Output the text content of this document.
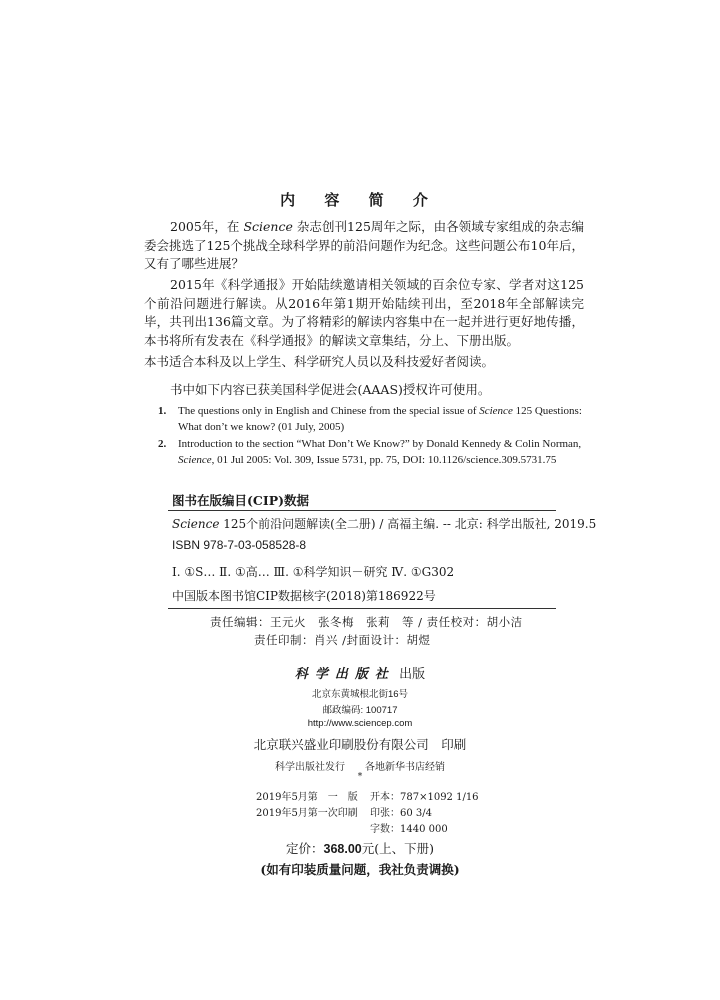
内 容 简 介
2005年，在 Science 杂志创刊125周年之际，由各领域专家组成的杂志编委会挑选了125个挑战全球科学界的前沿问题作为纪念。这些问题公布10年后，又有了哪些进展？
2015年《科学通报》开始陆续邀请相关领域的百余位专家、学者对这125个前沿问题进行解读。从2016年第1期开始陆续刊出，至2018年全部解读完毕，共刊出136篇文章。为了将精彩的解读内容集中在一起并进行更好地传播，本书将所有发表在《科学通报》的解读文章集结，分上、下册出版。
本书适合本科及以上学生、科学研究人员以及科技爱好者阅读。
书中如下内容已获美国科学促进会(AAAS)授权许可使用。
1. The questions only in English and Chinese from the special issue of Science 125 Questions: What don’t we know? (01 July, 2005)
2. Introduction to the section “What Don’t We Know?” by Donald Kennedy & Colin Norman, Science, 01 Jul 2005: Vol. 309, Issue 5731, pp. 75, DOI: 10.1126/science.309.5731.75
图书在版编目(CIP)数据
Science 125个前沿问题解读(全二册) / 高福主编. -- 北京: 科学出版社, 2019.5
ISBN 978-7-03-058528-8
Ⅰ. ①S… Ⅱ. ①高… Ⅲ. ①科学知识－研究 Ⅳ. ①G302
中国版本图书馆CIP数据核字(2018)第186922号
责任编辑：王元火　张冬梅　张莉　等 / 责任校对：胡小洁
责任印制：肖兴 /封面设计：胡煜
科学出版社 出版
北京东黄城根北街16号
邮政编码: 100717
http://www.sciencep.com
北京联兴盛业印刷股份有限公司　印刷
科学出版社发行　　各地新华书店经销
*
2019年5月第　一　版 开本：787×1092 1/16
2019年5月第一次印刷 印张：60 3/4
字数：1440 000
定价：368.00元(上、下册)
(如有印装质量问题，我社负责调换)
